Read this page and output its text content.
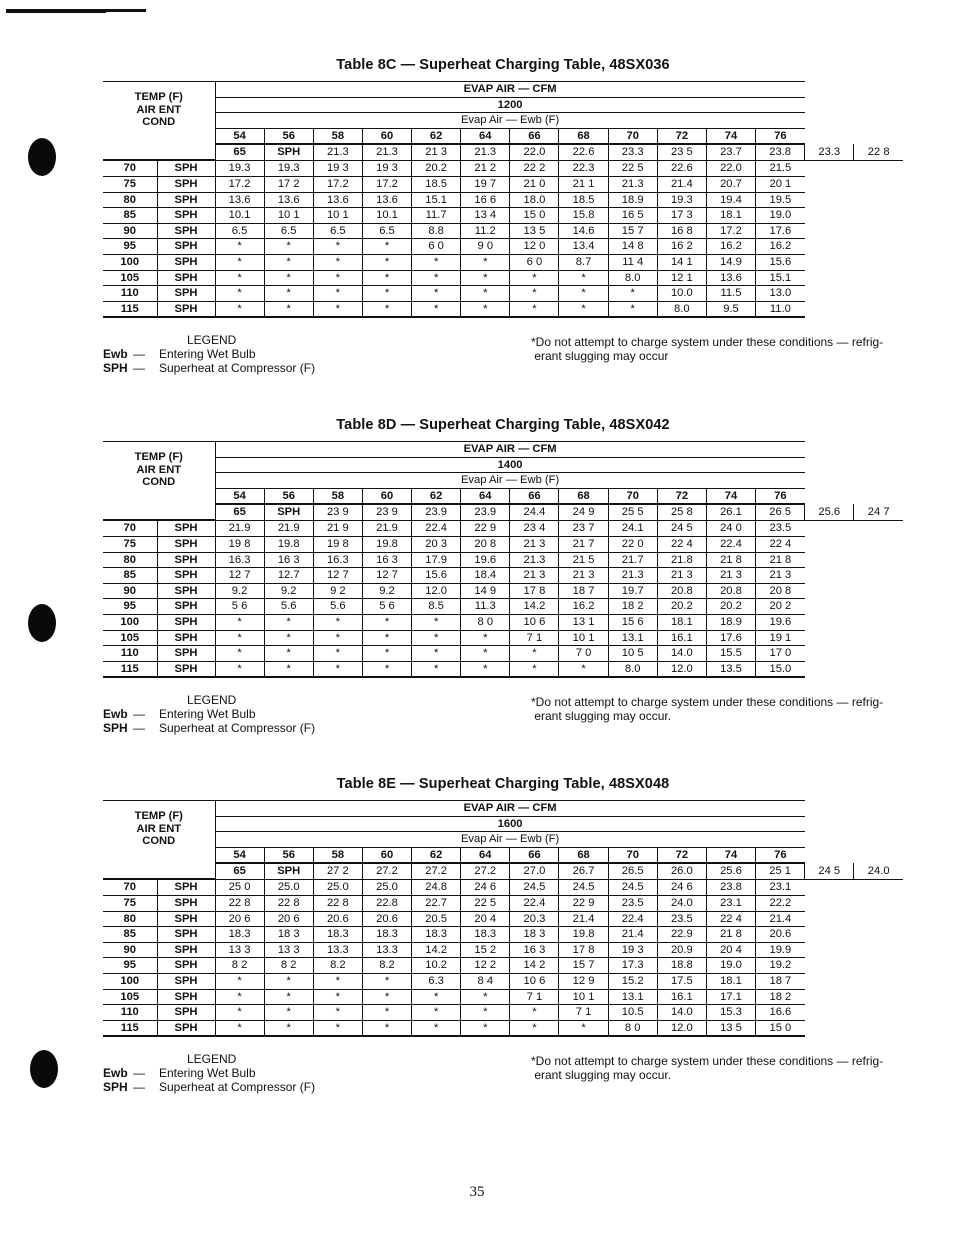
Table 8C — Superheat Charging Table, 48SX036
TEMP (F)
AIR ENT
COND		EVAP AIR — CFM													
		1200													
		Evap Air — Ewb (F)													
		54	56	58	60	62	64	66	68	70	72	74	76		
		65	SPH	21.3	21.3	21 3	21.3	22.0	22.6	23.3	23 5	23.7	23.8	23.3	22 8
70	SPH	19.3	19.3	19 3	19 3	20.2	21 2	22 2	22.3	22 5	22.6	22.0	21.5		
75	SPH	17.2	17 2	17.2	17.2	18.5	19 7	21 0	21 1	21.3	21.4	20.7	20 1		
80	SPH	13.6	13.6	13.6	13.6	15.1	16 6	18.0	18.5	18.9	19.3	19.4	19.5		
85	SPH	10.1	10 1	10 1	10.1	11.7	13 4	15 0	15.8	16 5	17 3	18.1	19.0		
90	SPH	6.5	6.5	6.5	6.5	8.8	11.2	13 5	14.6	15 7	16 8	17.2	17.6		
95	SPH	*	*	*	*	6 0	9 0	12 0	13.4	14 8	16 2	16.2	16.2		
100	SPH	*	*	*	*	*	*	6 0	8.7	11 4	14 1	14.9	15.6		
105	SPH	*	*	*	*	*	*	*	*	8.0	12 1	13.6	15.1		
110	SPH	*	*	*	*	*	*	*	*	*	10.0	11.5	13.0		
115	SPH	*	*	*	*	*	*	*	*	*	8.0	9.5	11.0		
LEGEND
Ewb — Entering Wet Bulb
SPH — Superheat at Compressor (F)
*Do not attempt to charge system under these conditions — refrig-
erant slugging may occur
Table 8D — Superheat Charging Table, 48SX042
TEMP (F)
AIR ENT
COND		EVAP AIR — CFM													
		1400													
		Evap Air — Ewb (F)													
		54	56	58	60	62	64	66	68	70	72	74	76		
		65	SPH	23 9	23 9	23.9	23.9	24.4	24 9	25 5	25 8	26.1	26 5	25.6	24 7
70	SPH	21.9	21.9	21 9	21.9	22.4	22 9	23 4	23 7	24.1	24 5	24 0	23.5		
75	SPH	19 8	19.8	19 8	19.8	20 3	20 8	21 3	21 7	22 0	22 4	22.4	22 4		
80	SPH	16.3	16 3	16.3	16 3	17.9	19.6	21.3	21 5	21.7	21.8	21 8	21 8		
85	SPH	12 7	12.7	12 7	12 7	15.6	18.4	21 3	21 3	21.3	21 3	21 3	21 3		
90	SPH	9.2	9.2	9 2	9.2	12.0	14 9	17 8	18 7	19.7	20.8	20.8	20 8		
95	SPH	5 6	5.6	5.6	5 6	8.5	11.3	14.2	16.2	18 2	20.2	20.2	20 2		
100	SPH	*	*	*	*	*	8 0	10 6	13 1	15 6	18.1	18.9	19.6		
105	SPH	*	*	*	*	*	*	7 1	10 1	13.1	16.1	17.6	19 1		
110	SPH	*	*	*	*	*	*	*	7 0	10 5	14.0	15.5	17 0		
115	SPH	*	*	*	*	*	*	*	*	8.0	12.0	13.5	15.0		
LEGEND
Ewb — Entering Wet Bulb
SPH — Superheat at Compressor (F)
*Do not attempt to charge system under these conditions — refrig-
erant slugging may occur.
Table 8E — Superheat Charging Table, 48SX048
TEMP (F)
AIR ENT
COND		EVAP AIR — CFM													
		1600													
		Evap Air — Ewb (F)													
		54	56	58	60	62	64	66	68	70	72	74	76		
		65	SPH	27 2	27.2	27.2	27.2	27.0	26.7	26.5	26.0	25.6	25 1	24 5	24.0
70	SPH	25 0	25.0	25.0	25.0	24.8	24 6	24.5	24.5	24.5	24 6	23.8	23.1		
75	SPH	22 8	22 8	22 8	22.8	22.7	22 5	22.4	22 9	23.5	24.0	23.1	22.2		
80	SPH	20 6	20 6	20.6	20.6	20.5	20 4	20.3	21.4	22.4	23.5	22 4	21.4		
85	SPH	18.3	18 3	18.3	18.3	18.3	18.3	18 3	19.8	21.4	22.9	21 8	20.6		
90	SPH	13 3	13 3	13.3	13.3	14.2	15 2	16 3	17 8	19 3	20.9	20 4	19.9		
95	SPH	8 2	8 2	8.2	8.2	10.2	12 2	14 2	15 7	17.3	18.8	19.0	19.2		
100	SPH	*	*	*	*	6.3	8 4	10 6	12 9	15.2	17.5	18.1	18 7		
105	SPH	*	*	*	*	*	*	7 1	10 1	13.1	16.1	17.1	18 2		
110	SPH	*	*	*	*	*	*	*	7 1	10.5	14.0	15.3	16.6		
115	SPH	*	*	*	*	*	*	*	*	8 0	12.0	13 5	15 0		
LEGEND
Ewb — Entering Wet Bulb
SPH — Superheat at Compressor (F)
*Do not attempt to charge system under these conditions — refrig-
erant slugging may occur.
35
